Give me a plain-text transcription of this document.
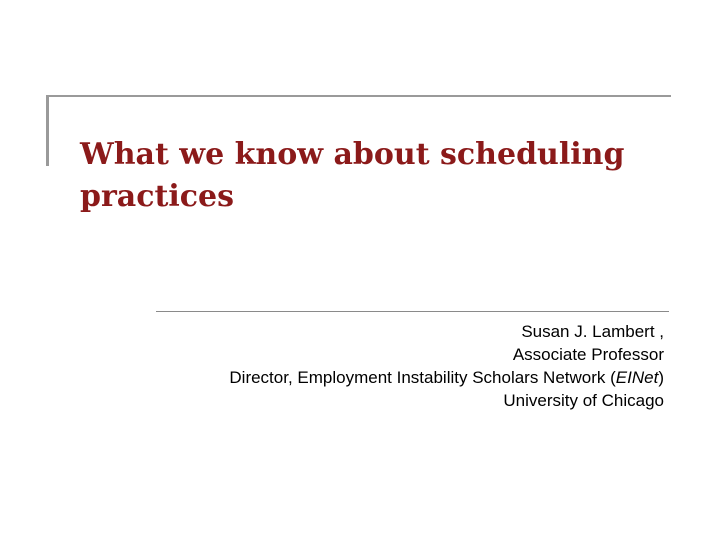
What we know about scheduling practices
Susan J. Lambert ,
Associate Professor
Director, Employment Instability Scholars Network (EINet)
University of Chicago
